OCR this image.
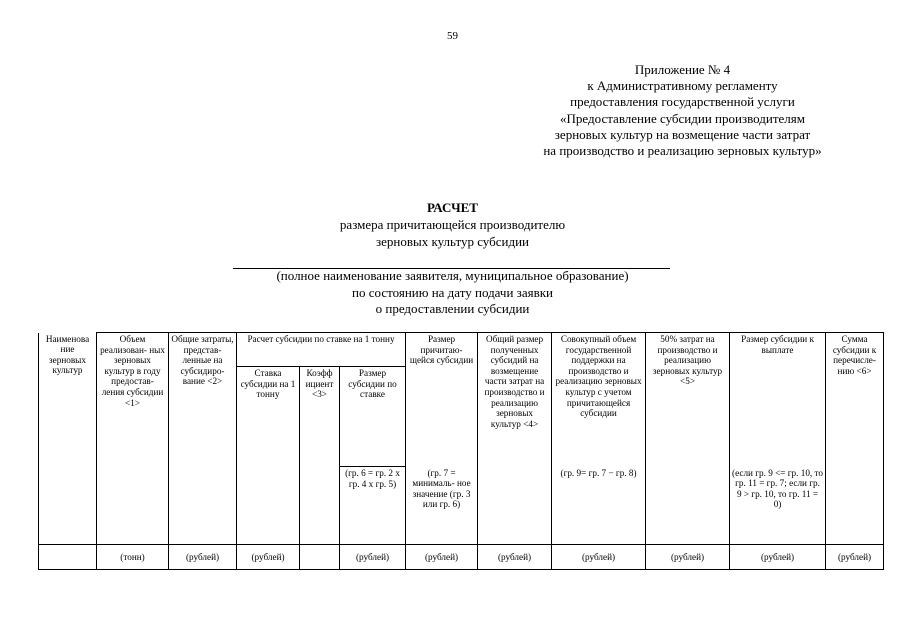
59
Приложение № 4
к Административному регламенту
предоставления государственной услуги
«Предоставление субсидии производителям
зерновых культур на возмещение части затрат
на производство и реализацию зерновых культур»
РАСЧЕТ
размера причитающейся производителю
зерновых культур субсидии
(полное наименование заявителя, муниципальное образование)
по состоянию на дату подачи заявки
о предоставлении субсидии
Наименова ние зерновых культур	Объем реализован- ных зерновых культур в году предостав- ления субсидии <1>	Общие затраты, представ- ленные на субсидиро- вание <2>	Расчет субсидии по ставке на 1 тонну			Размер причитаю- щейся субсидии	Общий размер полученных субсидий на возмещение части затрат на производство и реализацию зерновых культур <4>	Совокупный объем государственной поддержки на производство и реализацию зерновых культур с учетом причитающейся субсидии	50% затрат на производство и реализацию зерновых культур <5>	Размер субсидии к выплате	Сумма субсидии к перечисле- нию <6>
			Ставка субсидии на 1 тонну	Коэфф ициент <3>	Размер субсидии по ставке						
					(гр. 6 = гр. 2 х гр. 4 х гр. 5)	(гр. 7 = минималь- ное значение (гр. 3 или гр. 6)		(гр. 9= гр. 7 − гр. 8)		(если гр. 9 <= гр. 10, то гр. 11 = гр. 7; если гр. 9 > гр. 10, то гр. 11 = 0)	
	(тонн)	(рублей)	(рублей)		(рублей)	(рублей)	(рублей)	(рублей)	(рублей)	(рублей)	(рублей)
